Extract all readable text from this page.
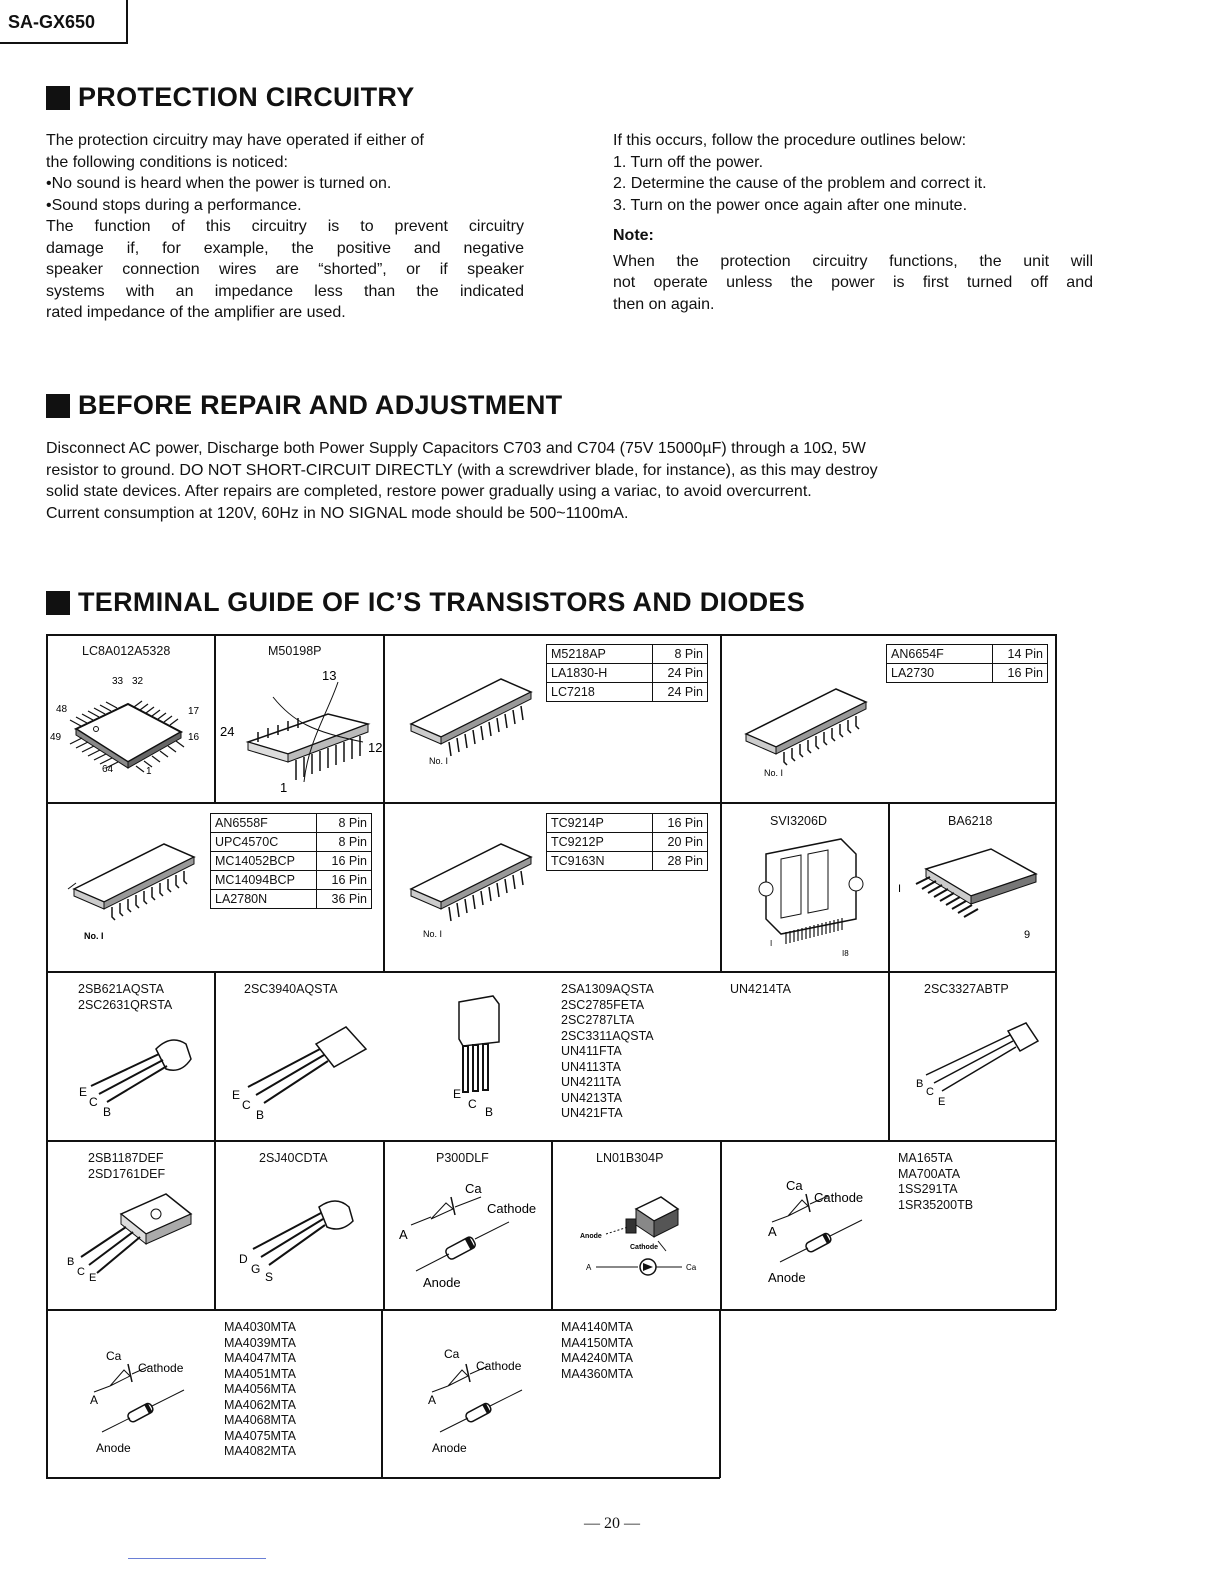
SA-GX650
PROTECTION CIRCUITRY
The protection circuitry may have operated if either of
the following conditions is noticed:
•No sound is heard when the power is turned on.
•Sound stops during a performance.
The function of this circuitry is to prevent circuitry
damage if, for example, the positive and negative
speaker connection wires are “shorted”, or if speaker
systems with an impedance less than the indicated
rated impedance of the amplifier are used.
If this occurs, follow the procedure outlines below:
1. Turn off the power.
2. Determine the cause of the problem and correct it.
3. Turn on the power once again after one minute.
Note:
When the protection circuitry functions, the unit will
not operate unless the power is first turned off and
then on again.
BEFORE REPAIR AND ADJUSTMENT
Disconnect AC power, Discharge both Power Supply Capacitors C703 and C704 (75V 15000µF) through a 10Ω, 5W
resistor to ground. DO NOT SHORT-CIRCUIT DIRECTLY (with a screwdriver blade, for instance), as this may destroy
solid state devices. After repairs are completed, restore power gradually using a variac, to avoid overcurrent.
Current consumption at 120V, 60Hz in NO SIGNAL mode should be 500~1100mA.
TERMINAL GUIDE OF IC’S TRANSISTORS AND DIODES
LC8A012A5328
33 32
48	17
49	16
64	1
M50198P
13
24
12
1
No. I
M5218AP	8 Pin
LA1830-H	24 Pin
LC7218	24 Pin
No. I
AN6654F	14 Pin
LA2730	16 Pin
No. I
AN6558F	8 Pin
UPC4570C	8 Pin
MC14052BCP	16 Pin
MC14094BCP	16 Pin
LA2780N	36 Pin
No. I
TC9214P	16 Pin
TC9212P	20 Pin
TC9163N	28 Pin
SVI3206D
I
I8
BA6218
I
9
2SB621AQSTA
2SC2631QRSTA
E
C
B
2SC3940AQSTA
E
C
B
E
C
B
2SA1309AQSTA
2SC2785FETA
2SC2787LTA
2SC3311AQSTA
UN411FTA
UN4113TA
UN4211TA
UN4213TA
UN421FTA
UN4214TA	2SC3327ABTP
B
C
E
2SB1187DEF
2SD1761DEF
B
C E
2SJ40CDTA
D
G
S
P300DLF
Ca
Cathode
A
Anode
LN01B304P
Anode
Cathode
A	Ca
Ca
Cathode
A
Anode
MA165TA
MA700ATA
1SS291TA
1SR35200TB
Ca
Cathode
A
Anode
MA4030MTA
MA4039MTA
MA4047MTA
MA4051MTA
MA4056MTA
MA4062MTA
MA4068MTA
MA4075MTA
MA4082MTA
Ca
Cathode
A
Anode
MA4140MTA
MA4150MTA
MA4240MTA
MA4360MTA
— 20 —
